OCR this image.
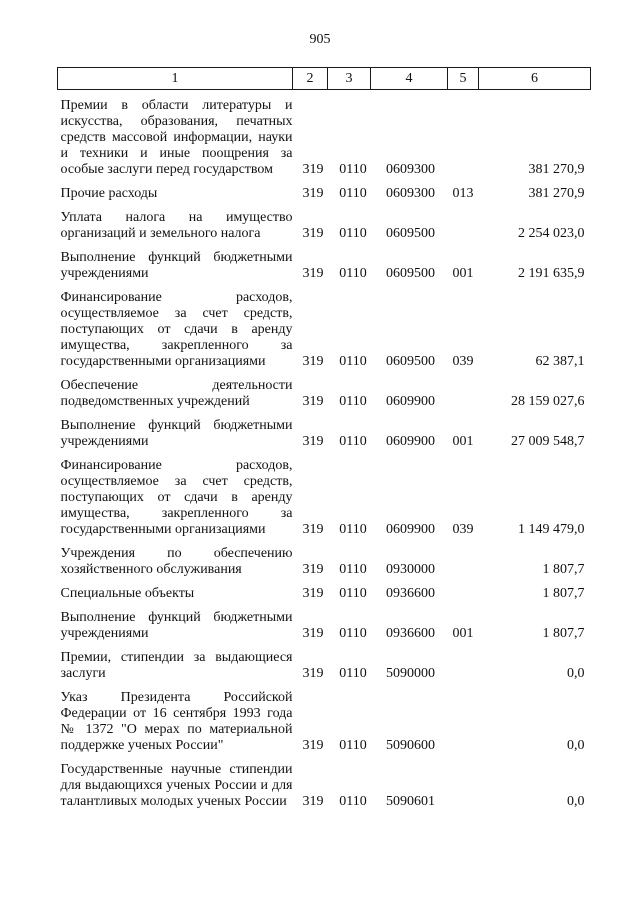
905
1	2	3	4	5	6
Премии в области литературы и искусства, образования, печатных средств массовой информации, науки и техники и иные поощрения за особые заслуги перед государством	319	0110	0609300		381 270,9
Прочие расходы	319	0110	0609300	013	381 270,9
Уплата налога на имущество организаций и земельного налога	319	0110	0609500		2 254 023,0
Выполнение функций бюджетными учреждениями	319	0110	0609500	001	2 191 635,9
Финансирование расходов, осуществляемое за счет средств, поступающих от сдачи в аренду имущества, закрепленного за государственными организациями	319	0110	0609500	039	62 387,1
Обеспечение деятельности подведомственных учреждений	319	0110	0609900		28 159 027,6
Выполнение функций бюджетными учреждениями	319	0110	0609900	001	27 009 548,7
Финансирование расходов, осуществляемое за счет средств, поступающих от сдачи в аренду имущества, закрепленного за государственными организациями	319	0110	0609900	039	1 149 479,0
Учреждения по обеспечению хозяйственного обслуживания	319	0110	0930000		1 807,7
Специальные объекты	319	0110	0936600		1 807,7
Выполнение функций бюджетными учреждениями	319	0110	0936600	001	1 807,7
Премии, стипендии за выдающиеся заслуги	319	0110	5090000		0,0
Указ Президента Российской Федерации от 16 сентября 1993 года № 1372 "О мерах по материальной поддержке ученых России"	319	0110	5090600		0,0
Государственные научные стипендии для выдающихся ученых России и для талантливых молодых ученых России	319	0110	5090601		0,0
